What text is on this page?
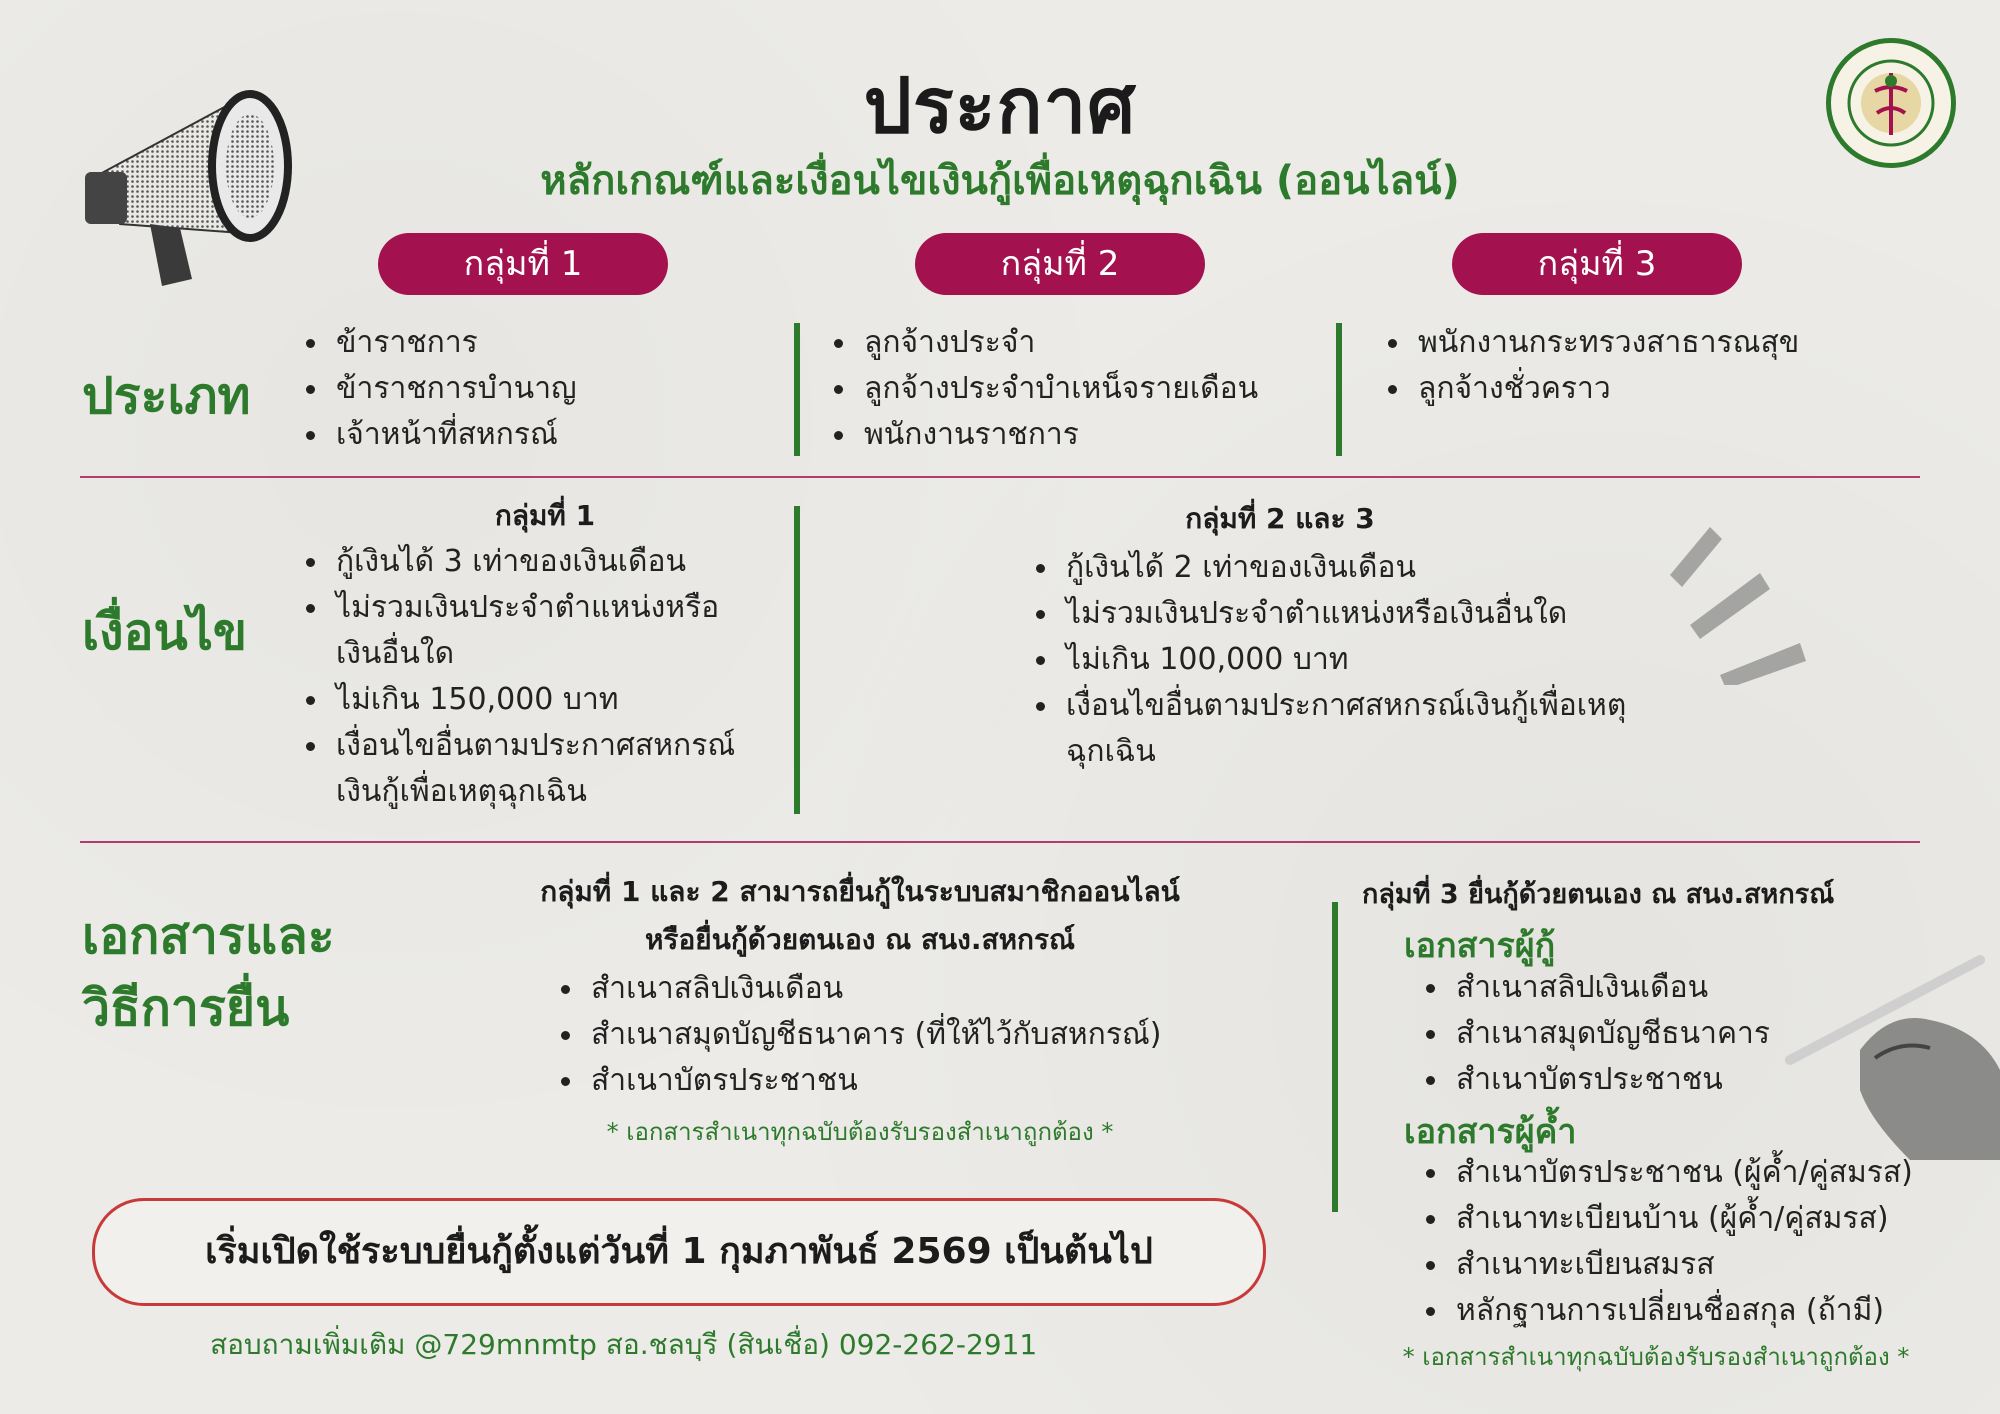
ประกาศ
หลักเกณฑ์และเงื่อนไขเงินกู้เพื่อเหตุฉุกเฉิน (ออนไลน์)
กลุ่มที่ 1	กลุ่มที่ 2	กลุ่มที่ 3
ประเภท
ข้าราชการ
ข้าราชการบำนาญ
เจ้าหน้าที่สหกรณ์
ลูกจ้างประจำ
ลูกจ้างประจำบำเหน็จรายเดือน
พนักงานราชการ
พนักงานกระทรวงสาธารณสุข
ลูกจ้างชั่วคราว
เงื่อนไข
กลุ่มที่ 1
กู้เงินได้ 3 เท่าของเงินเดือน
ไม่รวมเงินประจำตำแหน่งหรือ
เงินอื่นใด
ไม่เกิน 150,000 บาท
เงื่อนไขอื่นตามประกาศสหกรณ์
เงินกู้เพื่อเหตุฉุกเฉิน
กลุ่มที่ 2 และ 3
กู้เงินได้ 2 เท่าของเงินเดือน
ไม่รวมเงินประจำตำแหน่งหรือเงินอื่นใด
ไม่เกิน 100,000 บาท
เงื่อนไขอื่นตามประกาศสหกรณ์เงินกู้เพื่อเหตุ
ฉุกเฉิน
เอกสารและ
วิธีการยื่น
กลุ่มที่ 1 และ 2 สามารถยื่นกู้ในระบบสมาชิกออนไลน์
หรือยื่นกู้ด้วยตนเอง ณ สนง.สหกรณ์
สำเนาสลิปเงินเดือน
สำเนาสมุดบัญชีธนาคาร (ที่ให้ไว้กับสหกรณ์)
สำเนาบัตรประชาชน
* เอกสารสำเนาทุกฉบับต้องรับรองสำเนาถูกต้อง *
กลุ่มที่ 3 ยื่นกู้ด้วยตนเอง ณ สนง.สหกรณ์
เอกสารผู้กู้
สำเนาสลิปเงินเดือน
สำเนาสมุดบัญชีธนาคาร
สำเนาบัตรประชาชน
เอกสารผู้ค้ำ
สำเนาบัตรประชาชน (ผู้ค้ำ/คู่สมรส)
สำเนาทะเบียนบ้าน (ผู้ค้ำ/คู่สมรส)
สำเนาทะเบียนสมรส
หลักฐานการเปลี่ยนชื่อสกุล (ถ้ามี)
* เอกสารสำเนาทุกฉบับต้องรับรองสำเนาถูกต้อง *
เริ่มเปิดใช้ระบบยื่นกู้ตั้งแต่วันที่ 1 กุมภาพันธ์ 2569 เป็นต้นไป
สอบถามเพิ่มเติม @729mnmtp สอ.ชลบุรี (สินเชื่อ) 092-262-2911
